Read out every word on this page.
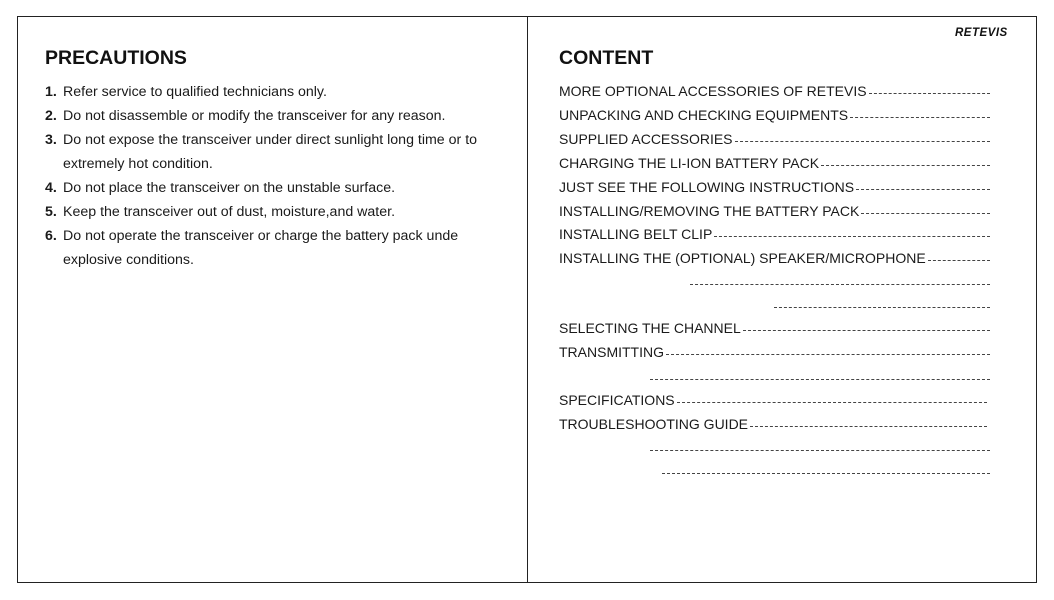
RETEVIS
PRECAUTIONS
1. Refer service to qualified technicians only.
2. Do not disassemble or modify the transceiver for any reason.
3. Do not expose the transceiver under direct sunlight long time or to extremely hot condition.
4. Do not place the transceiver on the unstable surface.
5. Keep the transceiver out of dust, moisture,and water.
6. Do not operate the transceiver or charge the battery pack unde explosive conditions.
CONTENT
MORE OPTIONAL ACCESSORIES OF RETEVIS
UNPACKING AND CHECKING EQUIPMENTS
SUPPLIED ACCESSORIES
CHARGING THE LI-ION BATTERY PACK
JUST SEE THE FOLLOWING INSTRUCTIONS
INSTALLING/REMOVING THE BATTERY PACK
INSTALLING BELT CLIP
INSTALLING THE (OPTIONAL) SPEAKER/MICROPHONE
SELECTING THE CHANNEL
TRANSMITTING
SPECIFICATIONS
TROUBLESHOOTING GUIDE
